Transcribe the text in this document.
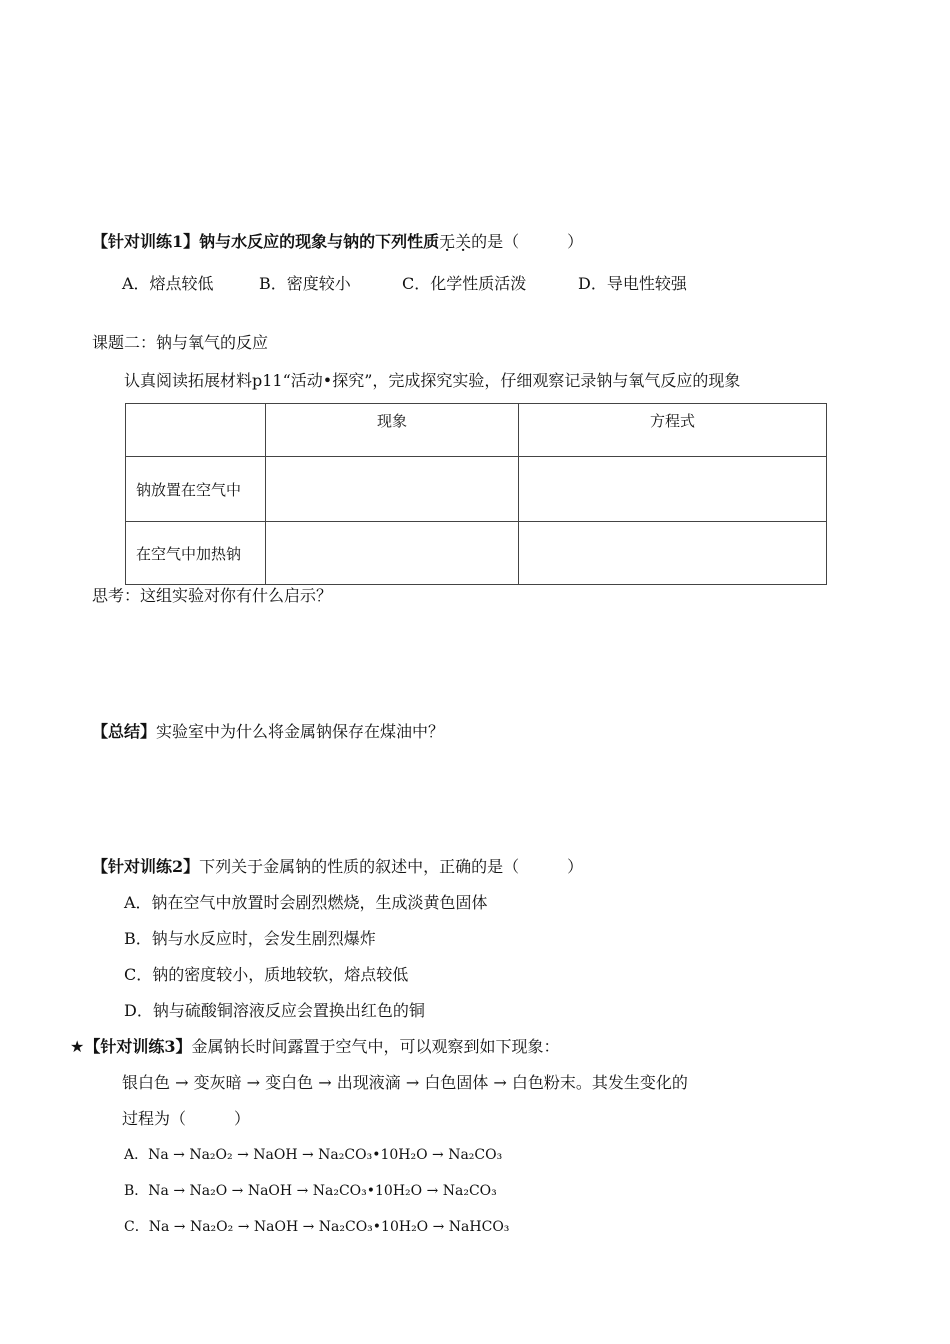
【针对训练1】钠与水反应的现象与钠的下列性质无关的是（　　　）
A．熔点较低	B．密度较小	C．化学性质活泼	D．导电性较强
课题二：钠与氧气的反应
认真阅读拓展材料p11“活动•探究”，完成探究实验，仔细观察记录钠与氧气反应的现象
	现象	方程式
钠放置在空气中		
在空气中加热钠		
思考：这组实验对你有什么启示？
【总结】实验室中为什么将金属钠保存在煤油中？
【针对训练2】下列关于金属钠的性质的叙述中，正确的是（　　　）
A．钠在空气中放置时会剧烈燃烧，生成淡黄色固体
B．钠与水反应时，会发生剧烈爆炸
C．钠的密度较小，质地较软，熔点较低
D．钠与硫酸铜溶液反应会置换出红色的铜
★【针对训练3】金属钠长时间露置于空气中，可以观察到如下现象：
银白色 → 变灰暗 → 变白色 → 出现液滴 → 白色固体 → 白色粉末。其发生变化的
过程为（　　　）
A．Na → Na₂O₂ → NaOH → Na₂CO₃•10H₂O → Na₂CO₃
B．Na → Na₂O → NaOH → Na₂CO₃•10H₂O → Na₂CO₃
C．Na → Na₂O₂ → NaOH → Na₂CO₃•10H₂O → NaHCO₃
